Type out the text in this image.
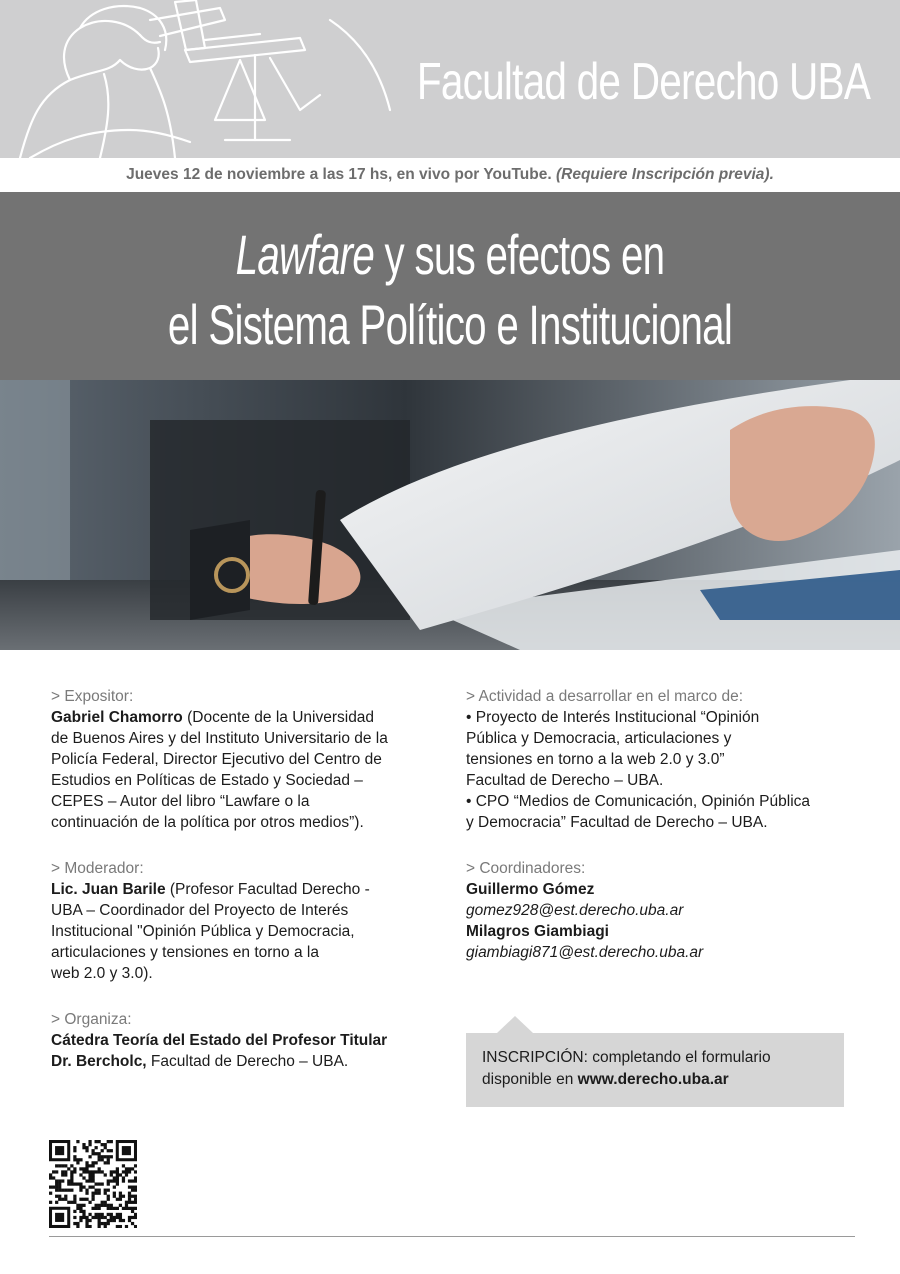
Facultad de Derecho UBA
Jueves 12 de noviembre a las 17 hs, en vivo por YouTube. (Requiere Inscripción previa).
Lawfare y sus efectos en
el Sistema Político e Institucional
> Expositor:
Gabriel Chamorro (Docente de la Universidad
de Buenos Aires y del Instituto Universitario de la
Policía Federal, Director Ejecutivo del Centro de
Estudios en Políticas de Estado y Sociedad –
CEPES – Autor del libro “Lawfare o la
continuación de la política por otros medios”).
> Moderador:
Lic. Juan Barile (Profesor Facultad Derecho -
UBA – Coordinador del Proyecto de Interés
Institucional "Opinión Pública y Democracia,
articulaciones y tensiones en torno a la
web 2.0 y 3.0).
> Organiza:
Cátedra Teoría del Estado del Profesor Titular
Dr. Bercholc, Facultad de Derecho – UBA.
> Actividad a desarrollar en el marco de:
• Proyecto de Interés Institucional “Opinión
Pública y Democracia, articulaciones y
tensiones en torno a la web 2.0 y 3.0”
Facultad de Derecho – UBA.
• CPO “Medios de Comunicación, Opinión Pública
y Democracia” Facultad de Derecho – UBA.
> Coordinadores:
Guillermo Gómez
gomez928@est.derecho.uba.ar
Milagros Giambiagi
giambiagi871@est.derecho.uba.ar
INSCRIPCIÓN: completando el formulario
disponible en www.derecho.uba.ar
